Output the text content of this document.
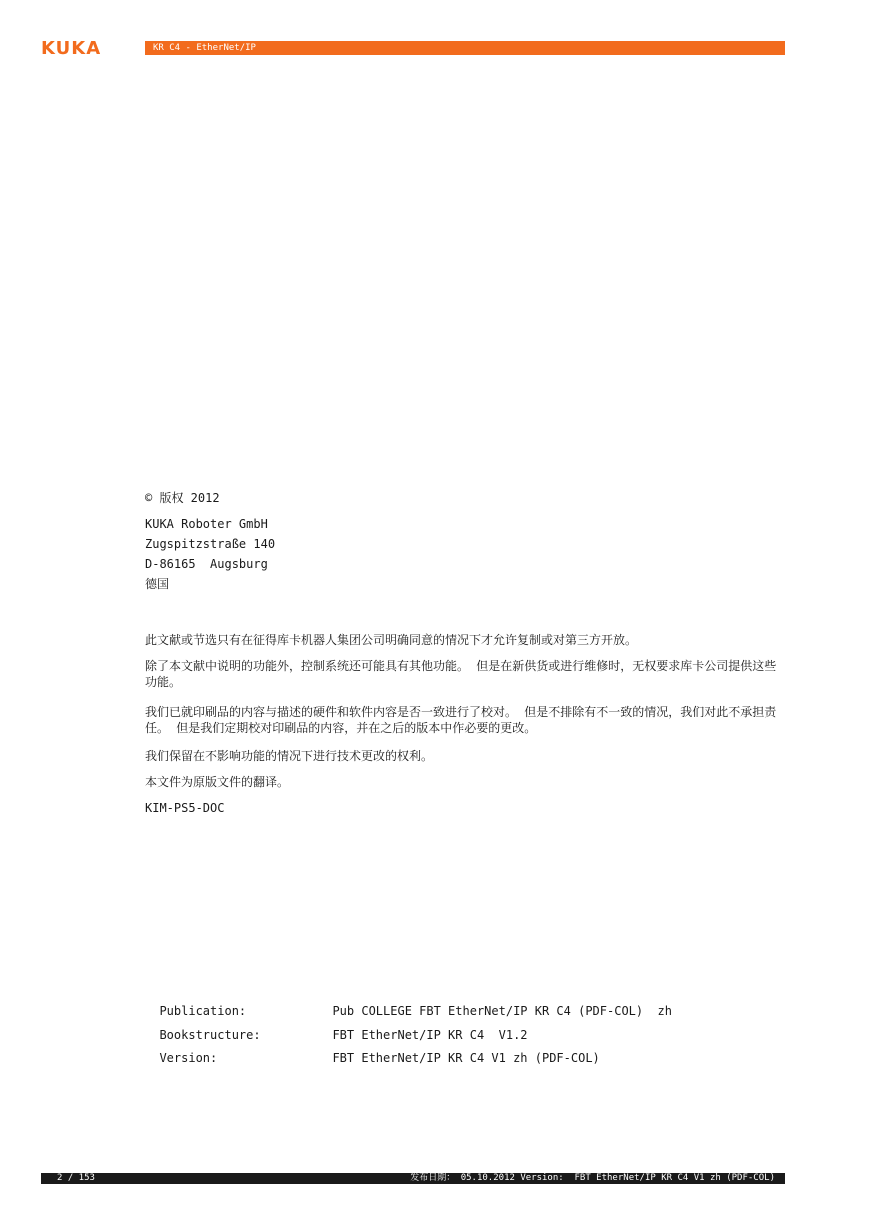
KUKA	KR C4 - EtherNet/IP
© 版权 2012
KUKA Roboter GmbH
Zugspitzstraße 140
D-86165  Augsburg
德国
此文献或节选只有在征得库卡机器人集团公司明确同意的情况下才允许复制或对第三方开放。
除了本文献中说明的功能外，控制系统还可能具有其他功能。 但是在新供货或进行维修时，无权要求库卡公司提供这些功能。
我们已就印刷品的内容与描述的硬件和软件内容是否一致进行了校对。 但是不排除有不一致的情况，我们对此不承担责任。 但是我们定期校对印刷品的内容，并在之后的版本中作必要的更改。
我们保留在不影响功能的情况下进行技术更改的权利。
本文件为原版文件的翻译。
KIM-PS5-DOC

Publication:	Pub COLLEGE FBT EtherNet/IP KR C4 (PDF-COL)  zh

Bookstructure:	FBT EtherNet/IP KR C4  V1.2

Version:	FBT EtherNet/IP KR C4 V1 zh (PDF-COL)

2 / 153	发布日期： 05.10.2012 Version:  FBT EtherNet/IP KR C4 V1 zh (PDF-COL)
